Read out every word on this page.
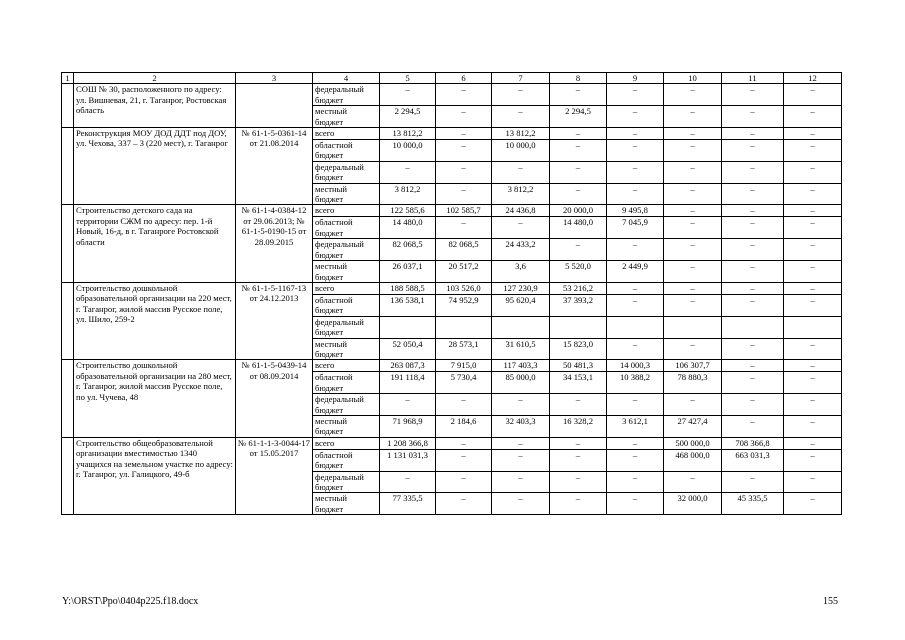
1	2	3	4	5	6	7	8	9	10	11	12
	СОШ № 30, расположенного по адресу: ул. Вишневая, 21, г. Таганрог, Ростовская область		федеральный бюджет	–	–	–	–	–	–	–	–
			местный бюджет	2 294,5	–	–	2 294,5	–	–	–	–
	Реконструкция МОУ ДОД ДДТ под ДОУ, ул. Чехова, 337 – 3 (220 мест), г. Таганрог	№ 61-1-5-0361-14 от 21.08.2014	всего	13 812,2	–	13 812,2	–	–	–	–	–
			областной бюджет	10 000,0	–	10 000,0	–	–	–	–	–
			федеральный бюджет	–	–	–	–	–	–	–	–
			местный бюджет	3 812,2	–	3 812,2	–	–	–	–	–
	Строительство детского сада на территории СЖМ по адресу: пер. 1-й Новый, 16-д, в г. Таганроге Ростовской области	№ 61-1-4-0384-12 от 29.06.2013; № 61-1-5-0190-15 от 28.09.2015	всего	122 585,6	102 585,7	24 436,8	20 000,0	9 495,8	–	–	–
			областной бюджет	14 480,0	–	–	14 480,0	7 045,9	–	–	–
			федеральный бюджет	82 068,5	82 068,5	24 433,2	–	–	–	–	–
			местный бюджет	26 037,1	20 517,2	3,6	5 520,0	2 449,9	–	–	–
	Строительство дошкольной образовательной организации на 220 мест, г. Таганрог, жилой массив Русское поле, ул. Шило, 259-2	№ 61-1-5-1167-13 от 24.12.2013	всего	188 588,5	103 526,0	127 230,9	53 216,2	–	–	–	–
			областной бюджет	136 538,1	74 952,9	95 620,4	37 393,2	–	–	–	–
			федеральный бюджет								
			местный бюджет	52 050,4	28 573,1	31 610,5	15 823,0	–	–	–	–
	Строительство дошкольной образовательной организации на 280 мест, г. Таганрог, жилой массив Русское поле, по ул. Чучева, 48	№ 61-1-5-0439-14 от 08.09.2014	всего	263 087,3	7 915,0	117 403,3	50 481,3	14 000,3	106 307,7	–	–
			областной бюджет	191 118,4	5 730,4	85 000,0	34 153,1	10 388,2	78 880,3	–	–
			федеральный бюджет	–	–	–	–	–	–	–	–
			местный бюджет	71 968,9	2 184,6	32 403,3	16 328,2	3 612,1	27 427,4	–	–
	Строительство общеобразовательной организации вместимостью 1340 учащихся на земельном участке по адресу: г. Таганрог, ул. Галицкого, 49-б	№ 61-1-1-3-0044-17 от 15.05.2017	всего	1 208 366,8	–	–	–	–	500 000,0	708 366,8	–
			областной бюджет	1 131 031,3	–	–	–	–	468 000,0	663 031,3	–
			федеральный бюджет	–	–	–	–	–	–	–	–
			местный бюджет	77 335,5	–	–	–	–	32 000,0	45 335,5	–
Y:\ORST\Ppo\0404p225.f18.docx	155
